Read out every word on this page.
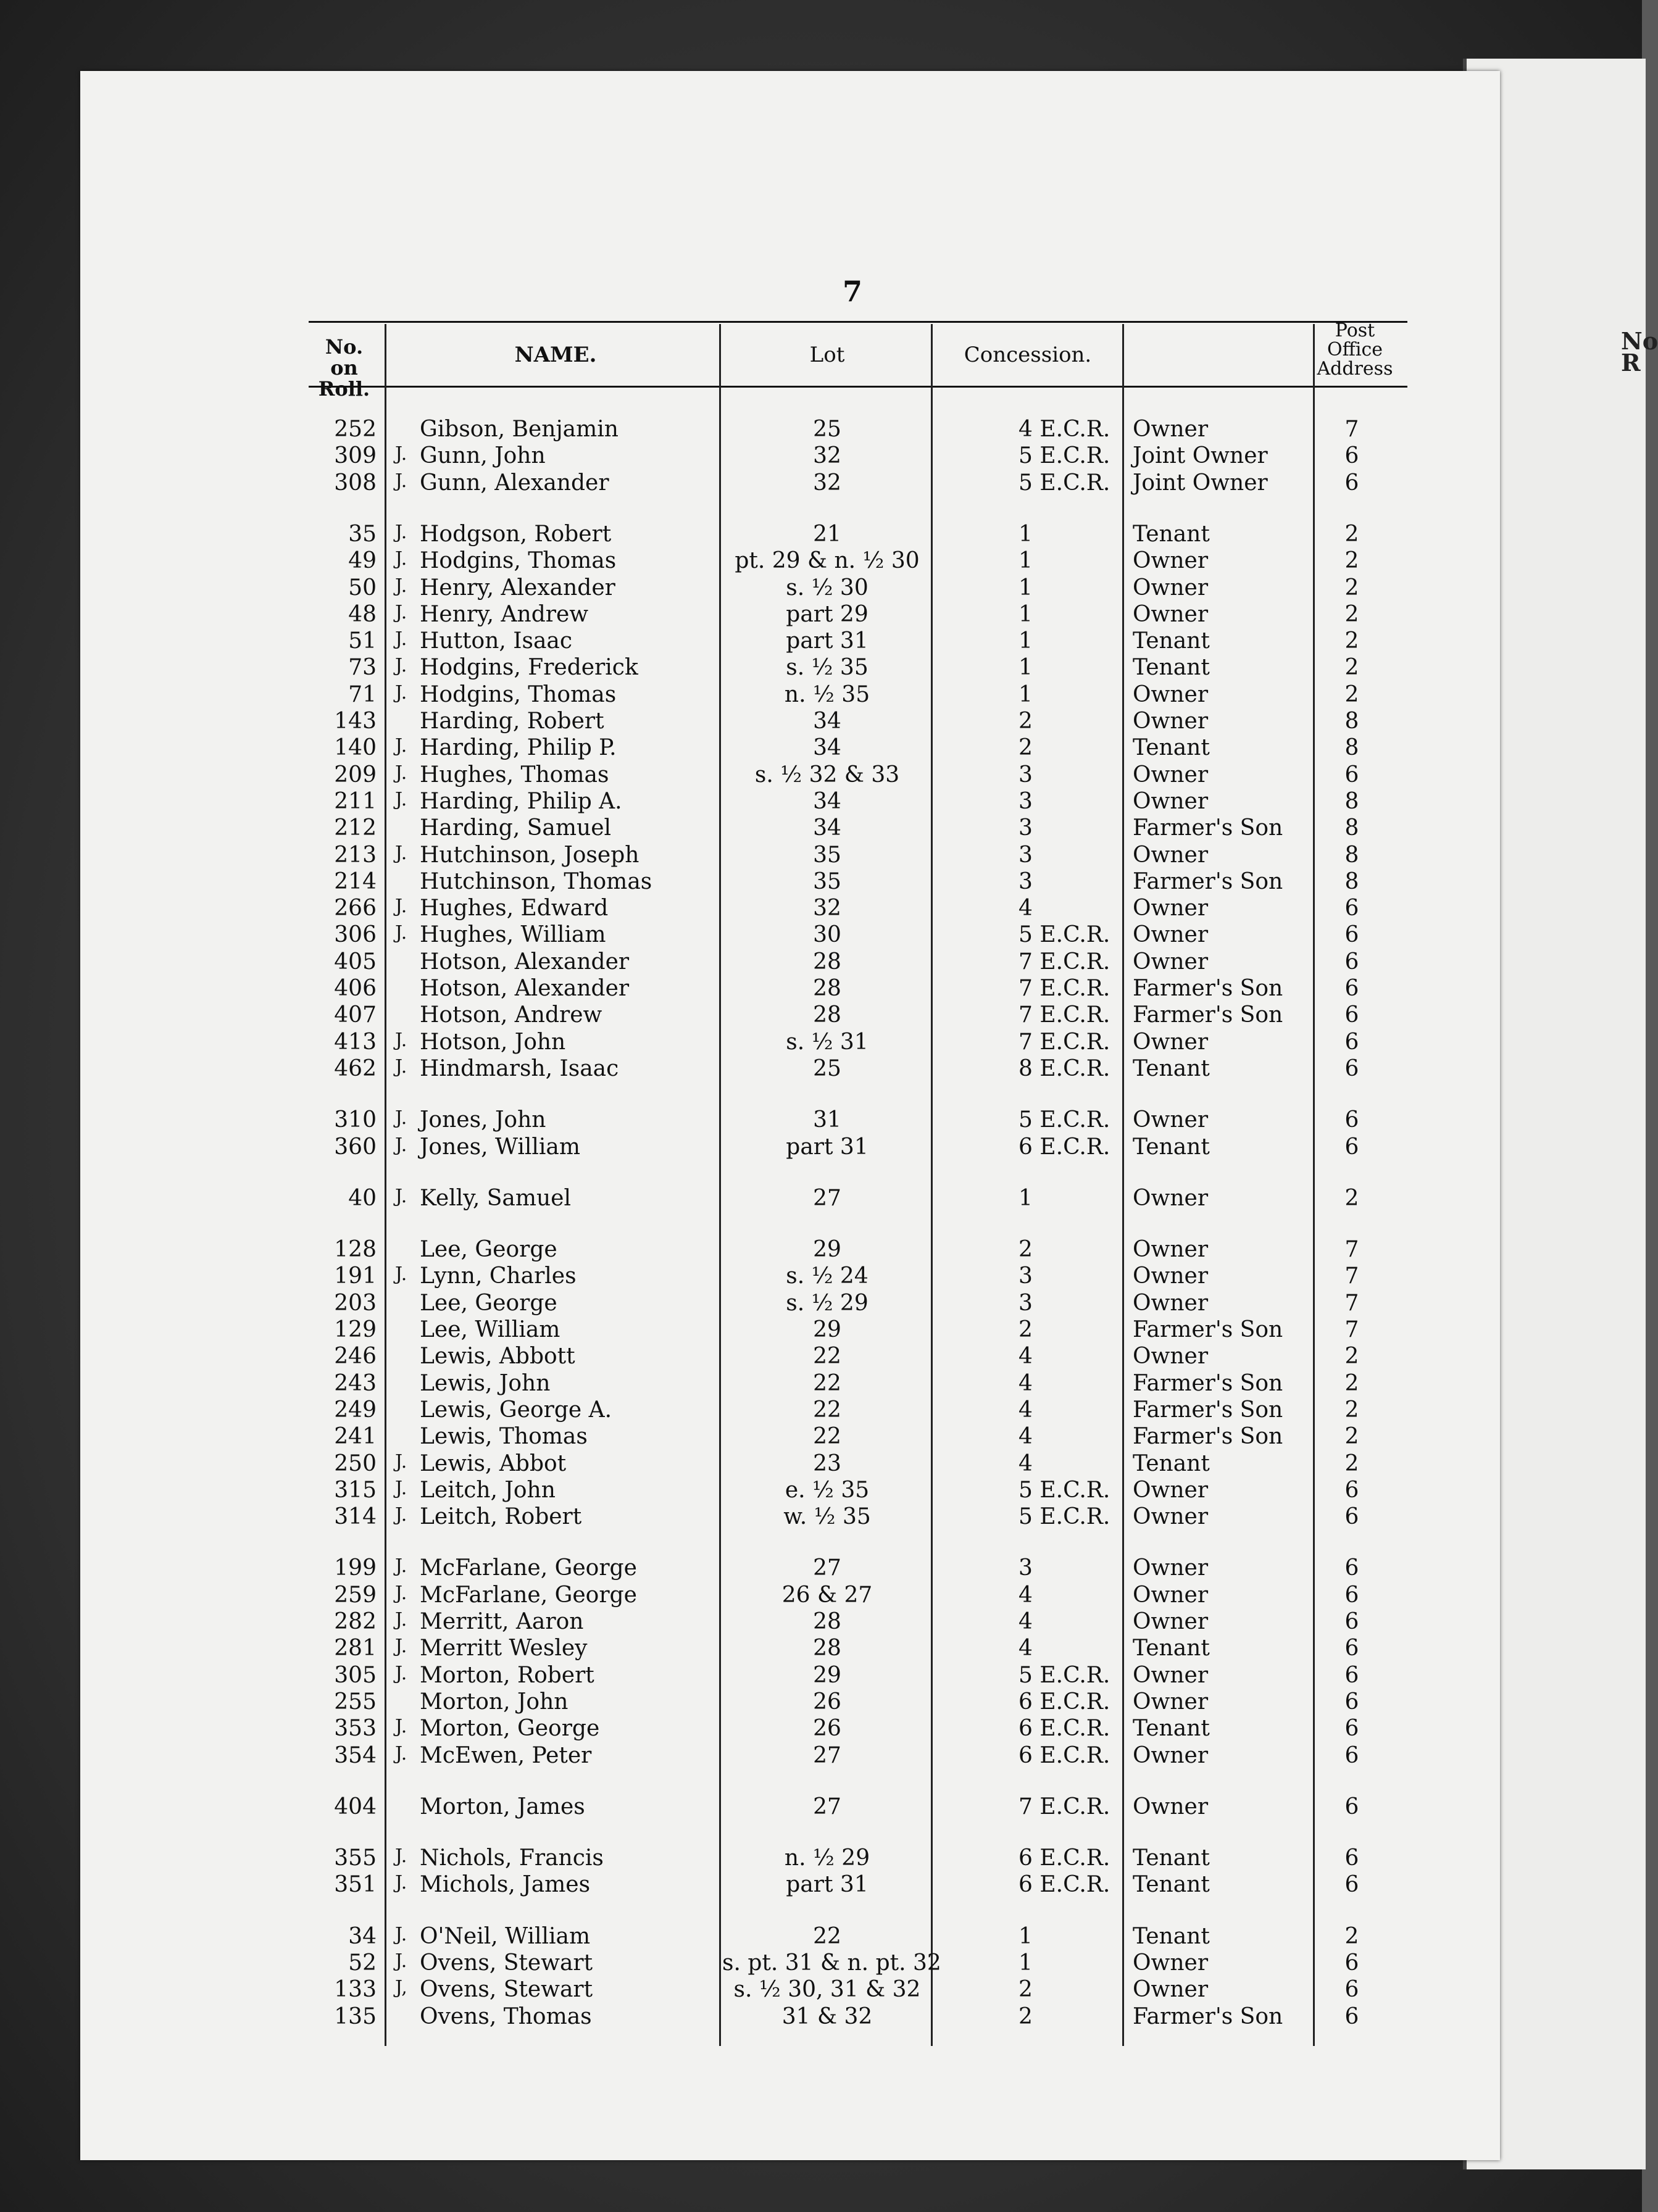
No
R
7
No. on
Roll.
NAME.	Lot	Concession.
Post
Office
Address
252 Gibson, Benjamin	25	4 E.C.R.	Owner	7
309 J. Gunn, John	32	5 E.C.R.	Joint Owner	6
308 J. Gunn, Alexander	32	5 E.C.R.	Joint Owner	6
35 J. Hodgson, Robert	21	1	Tenant	2
49 J. Hodgins, Thomas	pt. 29 & n. ½ 30	1	Owner	2
50 J. Henry, Alexander	s. ½ 30	1	Owner	2
48 J. Henry, Andrew	part 29	1	Owner	2
51 J. Hutton, Isaac	part 31	1	Tenant	2
73 J. Hodgins, Frederick	s. ½ 35	1	Tenant	2
71 J. Hodgins, Thomas	n. ½ 35	1	Owner	2
143 Harding, Robert	34	2	Owner	8
140 J. Harding, Philip P.	34	2	Tenant	8
209 J. Hughes, Thomas	s. ½ 32 & 33	3	Owner	6
211 J. Harding, Philip A.	34	3	Owner	8
212 Harding, Samuel	34	3	Farmer's Son	8
213 J. Hutchinson, Joseph	35	3	Owner	8
214 Hutchinson, Thomas	35	3	Farmer's Son	8
266 J. Hughes, Edward	32	4	Owner	6
306 J. Hughes, William	30	5 E.C.R.	Owner	6
405 Hotson, Alexander	28	7 E.C.R.	Owner	6
406 Hotson, Alexander	28	7 E.C.R.	Farmer's Son	6
407 Hotson, Andrew	28	7 E.C.R.	Farmer's Son	6
413 J. Hotson, John	s. ½ 31	7 E.C.R.	Owner	6
462 J. Hindmarsh, Isaac	25	8 E.C.R.	Tenant	6
310 J. Jones, John	31	5 E.C.R.	Owner	6
360 J. Jones, William	part 31	6 E.C.R.	Tenant	6
40 J. Kelly, Samuel	27	1	Owner	2
128 Lee, George	29	2	Owner	7
191 J. Lynn, Charles	s. ½ 24	3	Owner	7
203 Lee, George	s. ½ 29	3	Owner	7
129 Lee, William	29	2	Farmer's Son	7
246 Lewis, Abbott	22	4	Owner	2
243 Lewis, John	22	4	Farmer's Son	2
249 Lewis, George A.	22	4	Farmer's Son	2
241 Lewis, Thomas	22	4	Farmer's Son	2
250 J. Lewis, Abbot	23	4	Tenant	2
315 J. Leitch, John	e. ½ 35	5 E.C.R.	Owner	6
314 J. Leitch, Robert	w. ½ 35	5 E.C.R.	Owner	6
199 J. McFarlane, George	27	3	Owner	6
259 J. McFarlane, George	26 & 27	4	Owner	6
282 J. Merritt, Aaron	28	4	Owner	6
281 J. Merritt Wesley	28	4	Tenant	6
305 J. Morton, Robert	29	5 E.C.R.	Owner	6
255 Morton, John	26	6 E.C.R.	Owner	6
353 J. Morton, George	26	6 E.C.R.	Tenant	6
354 J. McEwen, Peter	27	6 E.C.R.	Owner	6
404 Morton, James	27	7 E.C.R.	Owner	6
355 J. Nichols, Francis	n. ½ 29	6 E.C.R.	Tenant	6
351 J. Michols, James	part 31	6 E.C.R.	Tenant	6
34 J. O'Neil, William	22	1	Tenant	2
52 J. Ovens, Stewart	s. pt. 31 & n. pt. 32	1	Owner	6
133 J, Ovens, Stewart	s. ½ 30, 31 & 32	2	Owner	6
135 Ovens, Thomas	31 & 32	2	Farmer's Son	6
